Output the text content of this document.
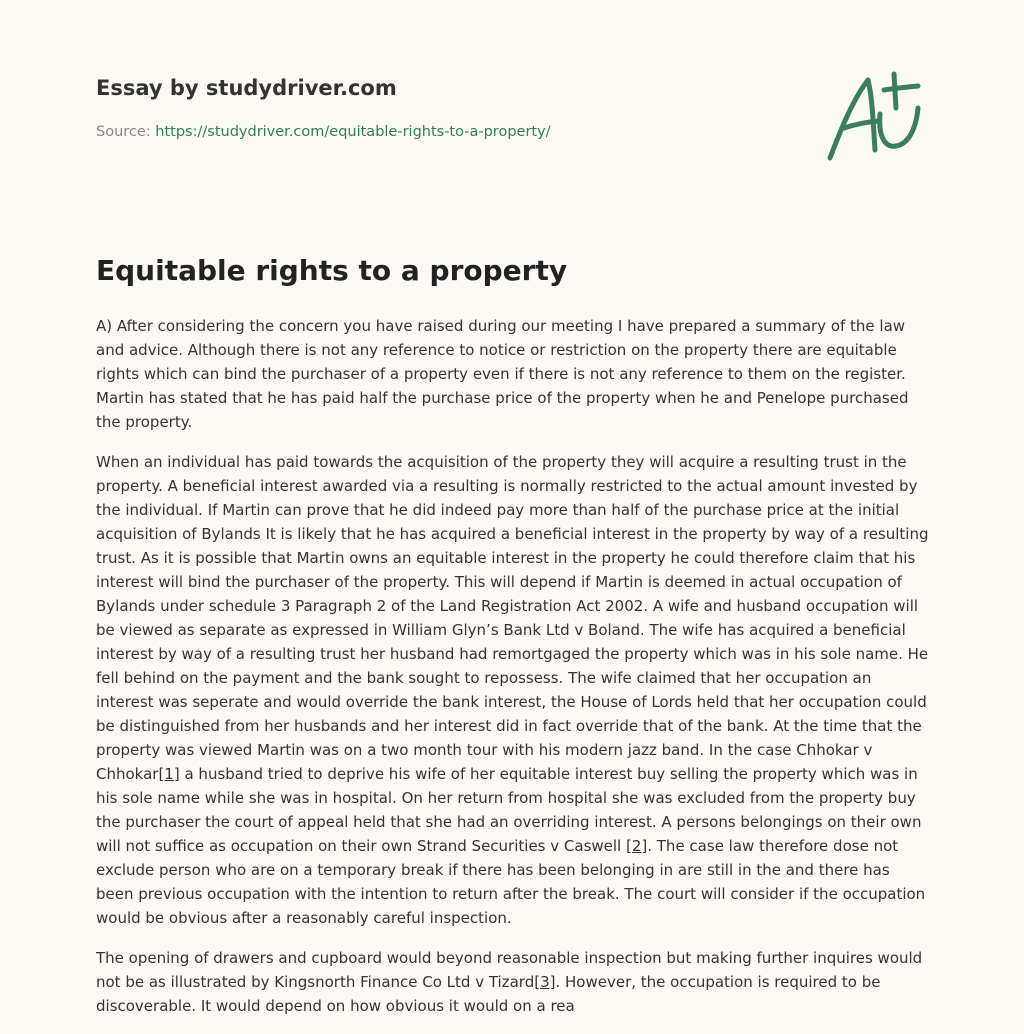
Essay by studydriver.com
Source: https://studydriver.com/equitable-rights-to-a-property/
Equitable rights to a property

A) After considering the concern you have raised during our meeting I have prepared a summary of the law and advice. Although there is not any reference to notice or restriction on the property there are equitable rights which can bind the purchaser of a property even if there is not any reference to them on the register. Martin has stated that he has paid half the purchase price of the property when he and Penelope purchased the property.

When an individual has paid towards the acquisition of the property they will acquire a resulting trust in the property. A beneficial interest awarded via a resulting is normally restricted to the actual amount invested by the individual. If Martin can prove that he did indeed pay more than half of the purchase price at the initial acquisition of Bylands It is likely that he has acquired a beneficial interest in the property by way of a resulting trust. As it is possible that Martin owns an equitable interest in the property he could therefore claim that his interest will bind the purchaser of the property. This will depend if Martin is deemed in actual occupation of Bylands under schedule 3 Paragraph 2 of the Land Registration Act 2002. A wife and husband occupation will be viewed as separate as expressed in William Glyn’s Bank Ltd v Boland. The wife has acquired a beneficial interest by way of a resulting trust her husband had remortgaged the property which was in his sole name. He fell behind on the payment and the bank sought to repossess. The wife claimed that her occupation an interest was seperate and would override the bank interest, the House of Lords held that her occupation could be distinguished from her husbands and her interest did in fact override that of the bank. At the time that the property was viewed Martin was on a two month tour with his modern jazz band. In the case Chhokar v Chhokar[1] a husband tried to deprive his wife of her equitable interest buy selling the property which was in his sole name while she was in hospital. On her return from hospital she was excluded from the property buy the purchaser the court of appeal held that she had an overriding interest. A persons belongings on their own will not suffice as occupation on their own Strand Securities v Caswell [2]. The case law therefore dose not exclude person who are on a temporary break if there has been belonging in are still in the and there has been previous occupation with the intention to return after the break. The court will consider if the occupation would be obvious after a reasonably careful inspection.

The opening of drawers and cupboard would beyond reasonable inspection but making further inquires would not be as illustrated by Kingsnorth Finance Co Ltd v Tizard[3]. However, the occupation is required to be discoverable. It would depend on how obvious it would on a rea
